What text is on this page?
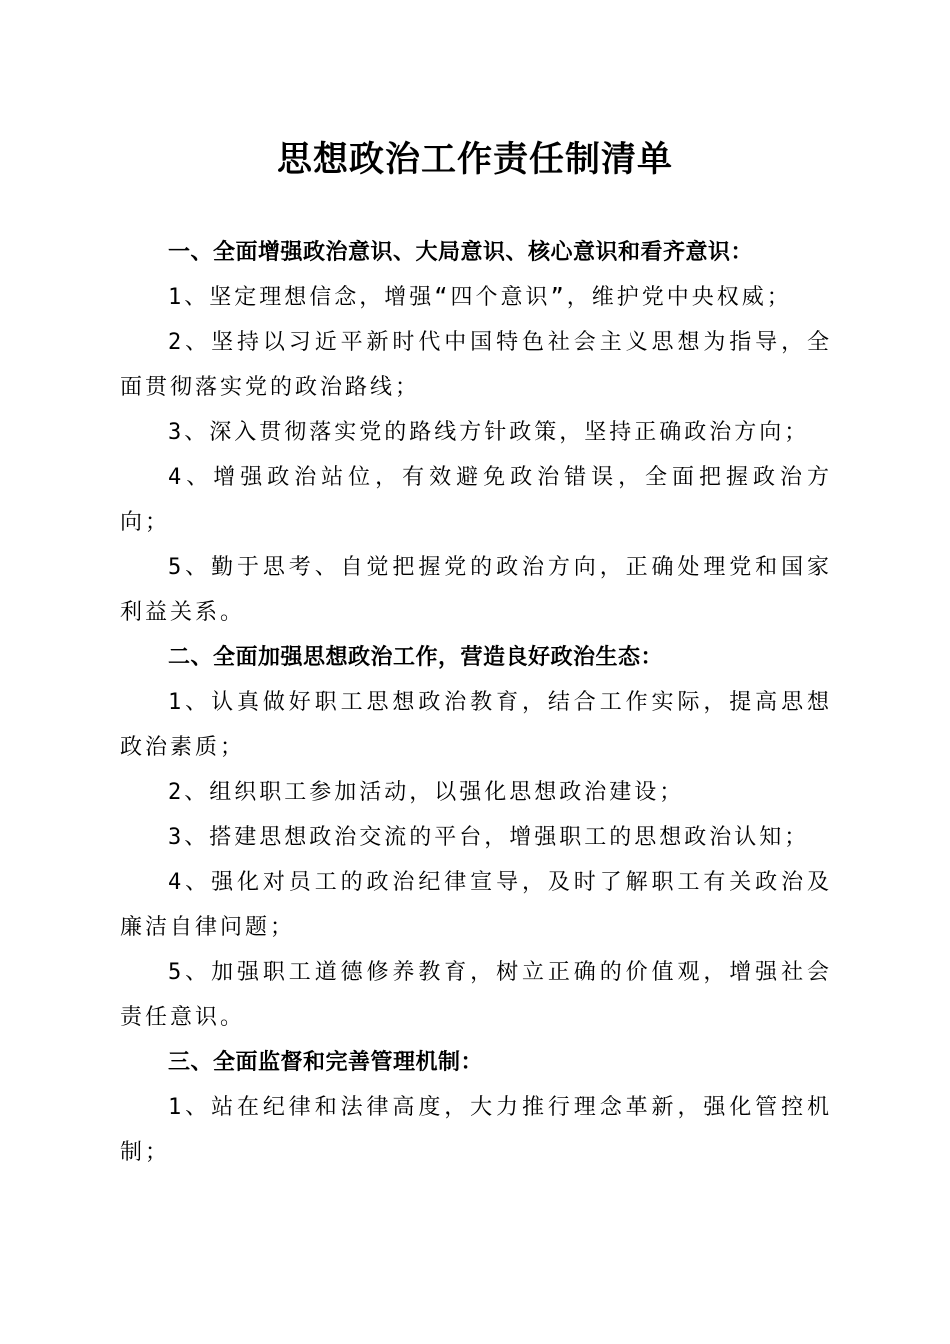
思想政治工作责任制清单

一、全面增强政治意识、大局意识、核心意识和看齐意识：

1、坚定理想信念，增强“四个意识”，维护党中央权威；

2、坚持以习近平新时代中国特色社会主义思想为指导，全面贯彻落实党的政治路线；

3、深入贯彻落实党的路线方针政策，坚持正确政治方向；

4、增强政治站位，有效避免政治错误，全面把握政治方向；

5、勤于思考、自觉把握党的政治方向，正确处理党和国家利益关系。

二、全面加强思想政治工作，营造良好政治生态：

1、认真做好职工思想政治教育，结合工作实际，提高思想政治素质；

2、组织职工参加活动，以强化思想政治建设；

3、搭建思想政治交流的平台，增强职工的思想政治认知；

4、强化对员工的政治纪律宣导，及时了解职工有关政治及廉洁自律问题；

5、加强职工道德修养教育，树立正确的价值观，增强社会责任意识。

三、全面监督和完善管理机制：

1、站在纪律和法律高度，大力推行理念革新，强化管控机制；
